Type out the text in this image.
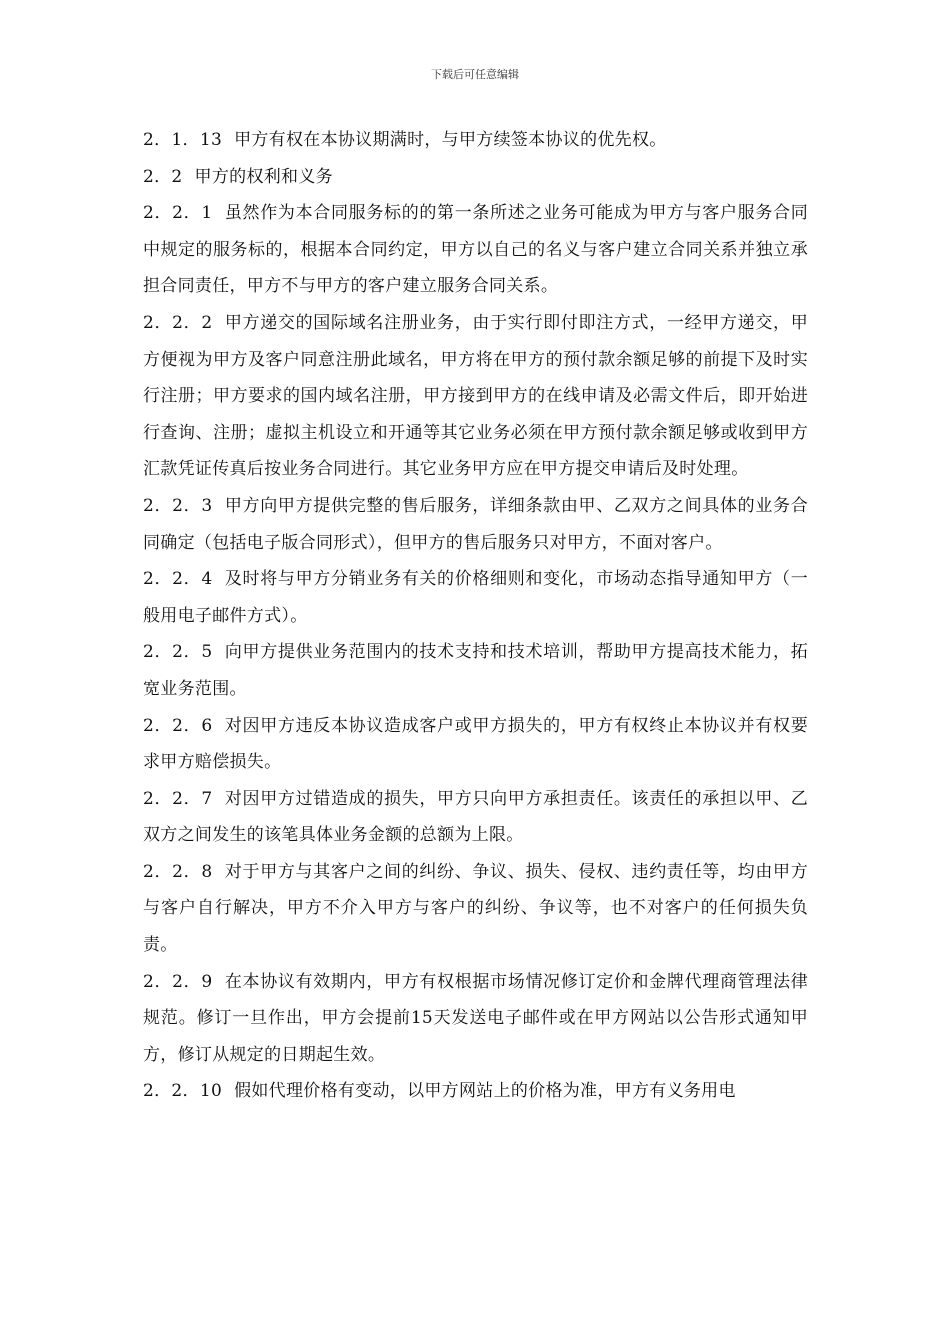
下载后可任意编辑

2．1．13 甲方有权在本协议期满时，与甲方续签本协议的优先权。

2．2 甲方的权利和义务

2．2．1 虽然作为本合同服务标的的第一条所述之业务可能成为甲方与客户服务合同中规定的服务标的，根据本合同约定，甲方以自己的名义与客户建立合同关系并独立承担合同责任，甲方不与甲方的客户建立服务合同关系。

2．2．2 甲方递交的国际域名注册业务，由于实行即付即注方式，一经甲方递交，甲方便视为甲方及客户同意注册此域名，甲方将在甲方的预付款余额足够的前提下及时实行注册；甲方要求的国内域名注册，甲方接到甲方的在线申请及必需文件后，即开始进行查询、注册；虚拟主机设立和开通等其它业务必须在甲方预付款余额足够或收到甲方汇款凭证传真后按业务合同进行。其它业务甲方应在甲方提交申请后及时处理。

2．2．3 甲方向甲方提供完整的售后服务，详细条款由甲、乙双方之间具体的业务合同确定（包括电子版合同形式），但甲方的售后服务只对甲方，不面对客户。

2．2．4 及时将与甲方分销业务有关的价格细则和变化，市场动态指导通知甲方（一般用电子邮件方式）。

2．2．5 向甲方提供业务范围内的技术支持和技术培训，帮助甲方提高技术能力，拓宽业务范围。

2．2．6 对因甲方违反本协议造成客户或甲方损失的，甲方有权终止本协议并有权要求甲方赔偿损失。

2．2．7 对因甲方过错造成的损失，甲方只向甲方承担责任。该责任的承担以甲、乙双方之间发生的该笔具体业务金额的总额为上限。

2．2．8 对于甲方与其客户之间的纠纷、争议、损失、侵权、违约责任等，均由甲方与客户自行解决，甲方不介入甲方与客户的纠纷、争议等，也不对客户的任何损失负责。

2．2．9 在本协议有效期内，甲方有权根据市场情况修订定价和金牌代理商管理法律规范。修订一旦作出，甲方会提前15天发送电子邮件或在甲方网站以公告形式通知甲方，修订从规定的日期起生效。

2．2．10 假如代理价格有变动，以甲方网站上的价格为准，甲方有义务用电
